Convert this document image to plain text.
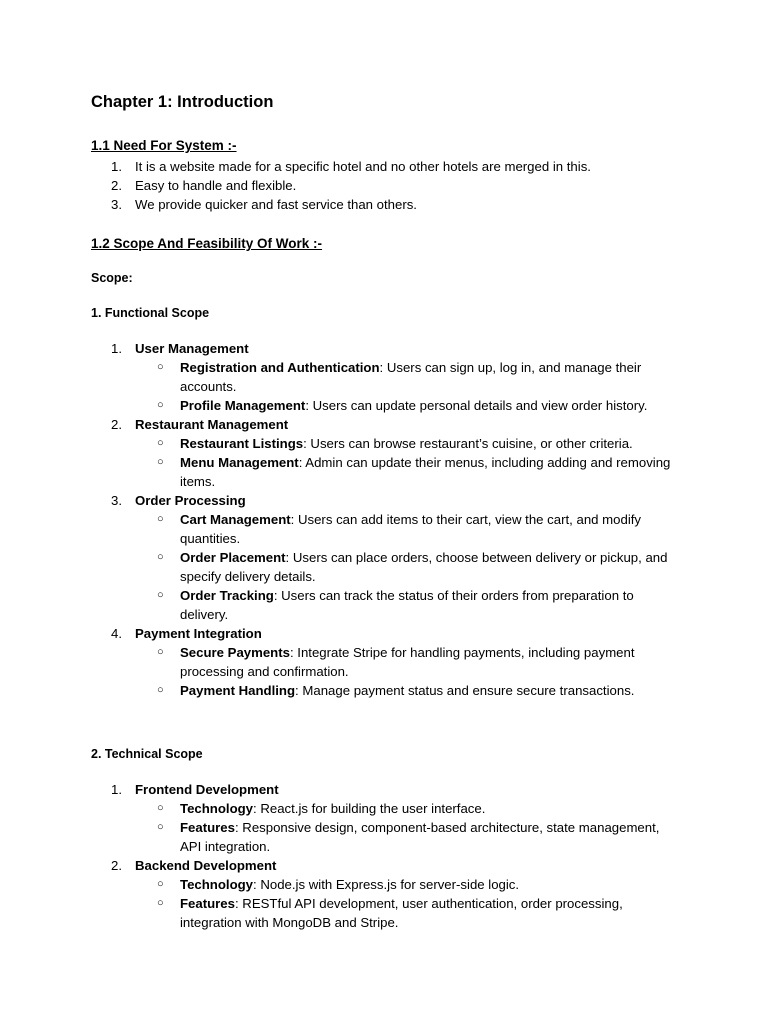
Chapter 1: Introduction
1.1 Need For System :-
1. It is a website made for a specific hotel and no other hotels are merged in this.
2. Easy to handle and flexible.
3. We provide quicker and fast service than others.
1.2 Scope And Feasibility Of Work :-
Scope:
1. Functional Scope
1. User Management
○ Registration and Authentication: Users can sign up, log in, and manage their accounts.
○ Profile Management: Users can update personal details and view order history.
2. Restaurant Management
○ Restaurant Listings: Users can browse restaurant’s cuisine, or other criteria.
○ Menu Management: Admin can update their menus, including adding and removing items.
3. Order Processing
○ Cart Management: Users can add items to their cart, view the cart, and modify quantities.
○ Order Placement: Users can place orders, choose between delivery or pickup, and specify delivery details.
○ Order Tracking: Users can track the status of their orders from preparation to delivery.
4. Payment Integration
○ Secure Payments: Integrate Stripe for handling payments, including payment processing and confirmation.
○ Payment Handling: Manage payment status and ensure secure transactions.
2. Technical Scope
1. Frontend Development
○ Technology: React.js for building the user interface.
○ Features: Responsive design, component-based architecture, state management, API integration.
2. Backend Development
○ Technology: Node.js with Express.js for server-side logic.
○ Features: RESTful API development, user authentication, order processing, integration with MongoDB and Stripe.
